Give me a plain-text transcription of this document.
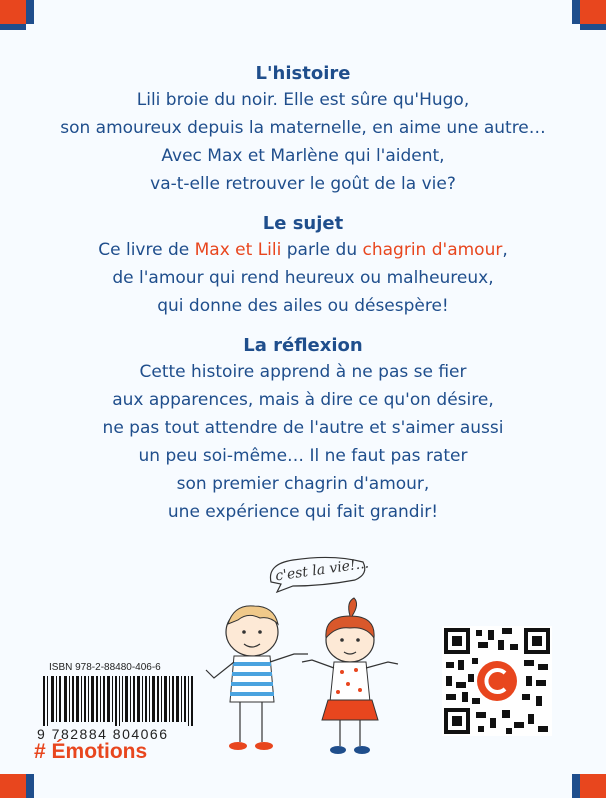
L'histoire
Lili broie du noir. Elle est sûre qu'Hugo,
son amoureux depuis la maternelle, en aime une autre…
Avec Max et Marlène qui l'aident,
va-t-elle retrouver le goût de la vie?
Le sujet
Ce livre de Max et Lili parle du chagrin d'amour,
de l'amour qui rend heureux ou malheureux,
qui donne des ailes ou désespère!
La réflexion
Cette histoire apprend à ne pas se fier
aux apparences, mais à dire ce qu'on désire,
ne pas tout attendre de l'autre et s'aimer aussi
un peu soi-même… Il ne faut pas rater
son premier chagrin d'amour,
une expérience qui fait grandir!
c'est la vie!...
ISBN 978-2-88480-406-6
9 782884 804066
# Émotions
